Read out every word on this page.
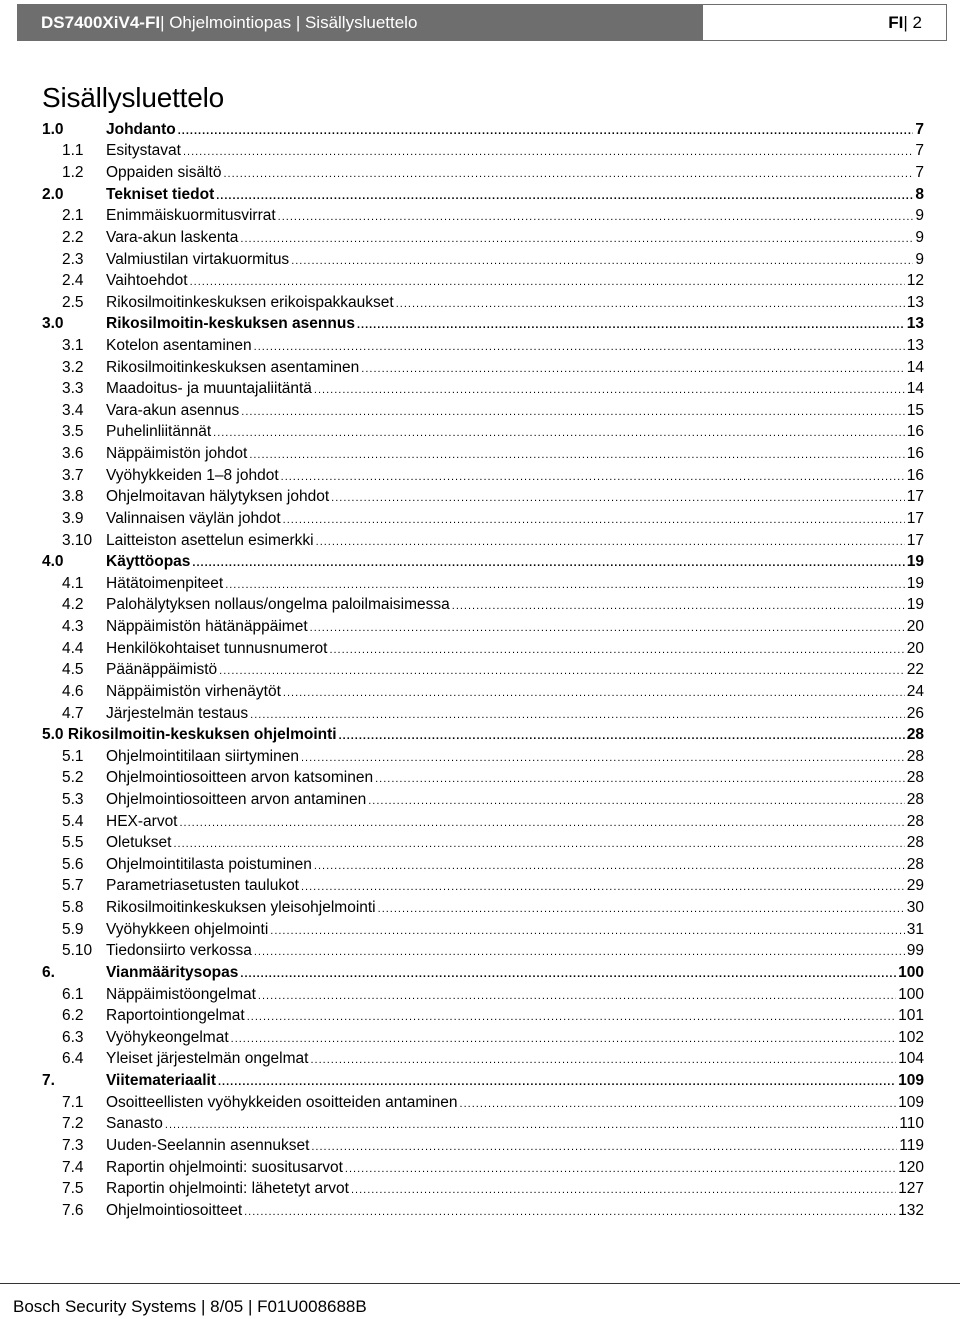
DS7400XiV4-FI | Ohjelmointiopas | Sisällysluettelo	FI | 2
Sisällysluettelo
1.0	Johdanto .....	7
1.1 Esitystavat .....	7
1.2 Oppaiden sisältö .....	7
2.0	Tekniset tiedot .....	8
2.1 Enimmäiskuormitusvirrat .....	9
2.2 Vara-akun laskenta .....	9
2.3 Valmiustilan virtakuormitus .....	9
2.4 Vaihtoehdot .....	12
2.5 Rikosilmoitinkeskuksen erikoispakkaukset .....	13
3.0	Rikosilmoitin-keskuksen asennus .....	13
3.1 Kotelon asentaminen .....	13
3.2 Rikosilmoitinkeskuksen asentaminen .....	14
3.3 Maadoitus- ja muuntajaliitäntä .....	14
3.4 Vara-akun asennus .....	15
3.5 Puhelinliitännät .....	16
3.6 Näppäimistön johdot .....	16
3.7 Vyöhykkeiden 1–8 johdot .....	16
3.8 Ohjelmoitavan hälytyksen johdot .....	17
3.9 Valinnaisen väylän johdot .....	17
3.10 Laitteiston asettelun esimerkki .....	17
4.0	Käyttöopas .....	19
4.1 Hätätoimenpiteet .....	19
4.2 Palohälytyksen nollaus/ongelma paloilmaisimessa .....	19
4.3 Näppäimistön hätänäppäimet .....	20
4.4 Henkilökohtaiset tunnusnumerot .....	20
4.5 Päänäppäimistö .....	22
4.6 Näppäimistön virhenäytöt .....	24
4.7 Järjestelmän testaus .....	26
5.0 Rikosilmoitin-keskuksen ohjelmointi .....	28
5.1 Ohjelmointitilaan siirtyminen .....	28
5.2 Ohjelmointiosoitteen arvon katsominen .....	28
5.3 Ohjelmointiosoitteen arvon antaminen .....	28
5.4 HEX-arvot .....	28
5.5 Oletukset .....	28
5.6 Ohjelmointitilasta poistuminen .....	28
5.7 Parametriasetusten taulukot .....	29
5.8 Rikosilmoitinkeskuksen yleisohjelmointi .....	30
5.9 Vyöhykkeen ohjelmointi .....	31
5.10 Tiedonsiirto verkossa .....	99
6.	Vianmääritysopas .....	100
6.1 Näppäimistöongelmat .....	100
6.2 Raportointiongelmat .....	101
6.3 Vyöhykeongelmat .....	102
6.4 Yleiset järjestelmän ongelmat .....	104
7.	Viitemateriaalit .....	109
7.1 Osoitteellisten vyöhykkeiden osoitteiden antaminen .....	109
7.2 Sanasto .....	110
7.3 Uuden-Seelannin asennukset .....	119
7.4 Raportin ohjelmointi: suositusarvot .....	120
7.5 Raportin ohjelmointi: lähetetyt arvot .....	127
7.6 Ohjelmointiosoitteet .....	132
Bosch Security Systems | 8/05 | F01U008688B
